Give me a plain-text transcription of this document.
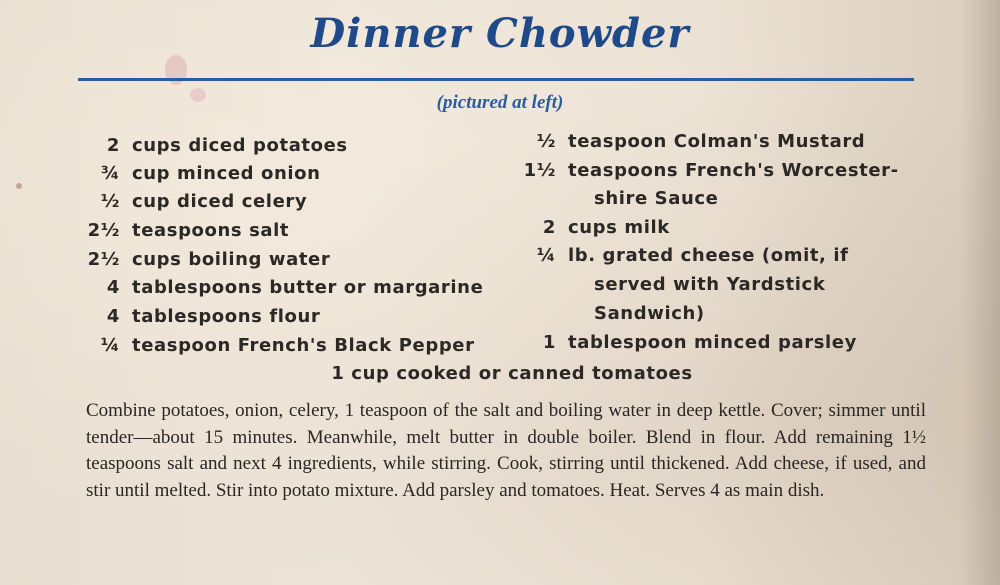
Dinner Chowder
(pictured at left)
2 cups diced potatoes
¾ cup minced onion
½ cup diced celery
2½ teaspoons salt
2½ cups boiling water
4 tablespoons butter or margarine
4 tablespoons flour
¼ teaspoon French's Black Pepper
½ teaspoon Colman's Mustard
1½ teaspoons French's Worcester-
shire Sauce
2 cups milk
¼ lb. grated cheese (omit, if
served with Yardstick
Sandwich)
1 tablespoon minced parsley
1 cup cooked or canned tomatoes
Combine potatoes, onion, celery, 1 teaspoon of the salt and boiling water in deep kettle. Cover; simmer until tender—about 15 minutes. Meanwhile, melt butter in double boiler. Blend in flour. Add remaining 1½ teaspoons salt and next 4 ingredients, while stirring. Cook, stirring until thickened. Add cheese, if used, and stir until melted. Stir into potato mixture. Add parsley and tomatoes. Heat. Serves 4 as main dish.
